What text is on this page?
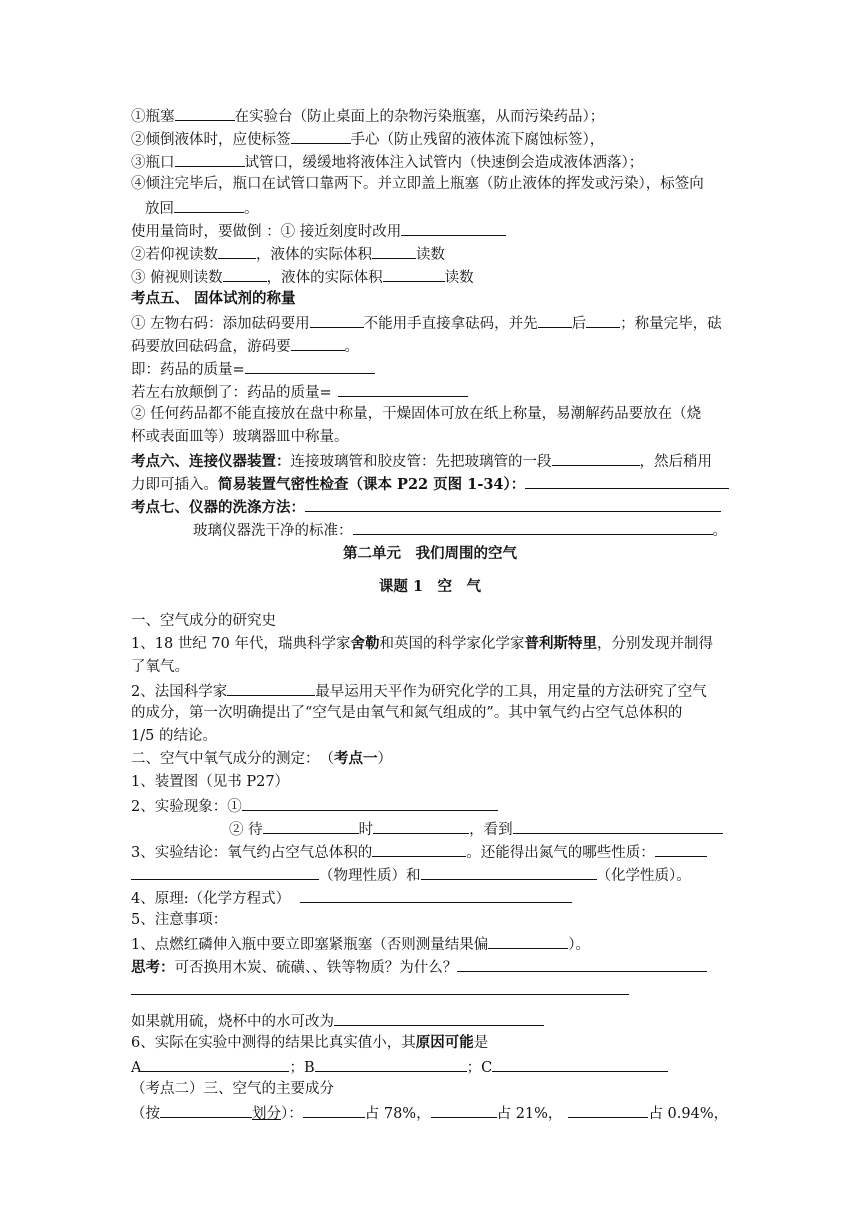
①瓶塞	在实验台（防止桌面上的杂物污染瓶塞，从而污染药品）；
②倾倒液体时，应使标签	手心（防止残留的液体流下腐蚀标签），
③瓶口	试管口，缓缓地将液体注入试管内（快速倒会造成液体洒落）；
④倾注完毕后，瓶口在试管口靠两下。并立即盖上瓶塞（防止液体的挥发或污染），标签向
放回	。
使用量筒时，要做倒 ：① 接近刻度时改用
②若仰视读数	，液体的实际体积	读数
③ 俯视则读数	，液体的实际体积	读数
考点五、 固体试剂的称量
① 左物右码：添加砝码要用	不能用手直接拿砝码，并先 后 ；称量完毕，砝
码要放回砝码盒，游码要	。
即：药品的质量=
若左右放颠倒了：药品的质量=
② 任何药品都不能直接放在盘中称量，干燥固体可放在纸上称量，易潮解药品要放在（烧
杯或表面皿等）玻璃器皿中称量。
考点六、连接仪器装置：连接玻璃管和胶皮管：先把玻璃管的一段	，然后稍用
力即可插入。简易装置气密性检查（课本 P22 页图 1-34）：
考点七、仪器的洗涤方法：
玻璃仪器洗干净的标准：	。
第二单元　我们周围的空气
课题 1　空　气
一、空气成分的研究史
1、18 世纪 70 年代，瑞典科学家舍勒和英国的科学家化学家普利斯特里，分别发现并制得
了氧气。
2、法国科学家	最早运用天平作为研究化学的工具，用定量的方法研究了空气
的成分，第一次明确提出了“空气是由氧气和氮气组成的”。其中氧气约占空气总体积的
1/5 的结论。
二、空气中氧气成分的测定：　（考点一）
1、装置图（见书 P27）
2、实验现象：①
② 待	时	，看到
3、实验结论：氧气约占空气总体积的	。还能得出氮气的哪些性质：
（物理性质）和	（化学性质）。
4、原理:（化学方程式）
5、注意事项：
1、点燃红磷伸入瓶中要立即塞紧瓶塞（否则测量结果偏	）。
思考：可否换用木炭、硫磺、、铁等物质？为什么？
如果就用硫，烧杯中的水可改为
6、实际在实验中测得的结果比真实值小，其原因可能是
A	；B	；C
（考点二）三、空气的主要成分
（按	划分）：	占 78%，	占 21%，	占 0.94%，
